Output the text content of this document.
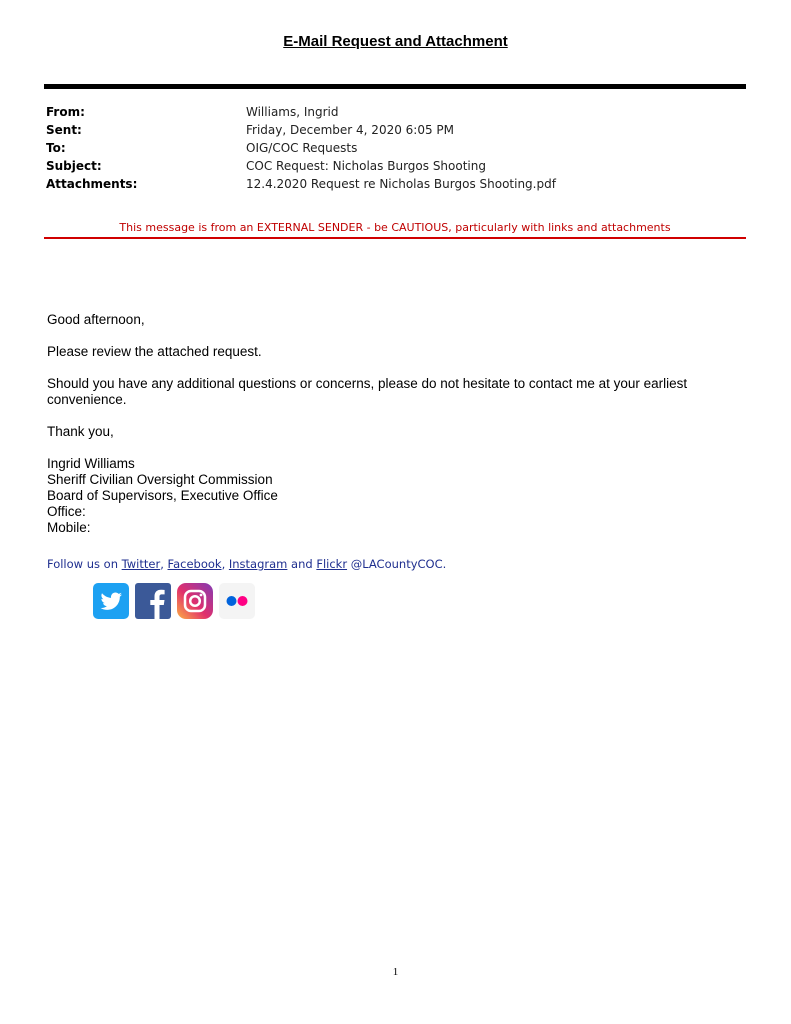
E-Mail Request and Attachment
From:	Williams, Ingrid
Sent:	Friday, December 4, 2020 6:05 PM
To:	OIG/COC Requests
Subject:	COC Request: Nicholas Burgos Shooting
Attachments:	12.4.2020 Request re Nicholas Burgos Shooting.pdf
This message is from an EXTERNAL SENDER - be CAUTIOUS, particularly with links and attachments

Good afternoon,

Please review the attached request.

Should you have any additional questions or concerns, please do not hesitate to contact me at your earliest convenience.

Thank you,

Ingrid Williams

Sheriff Civilian Oversight Commission

Board of Supervisors, Executive Office

Office:

Mobile:

Follow us on Twitter, Facebook, Instagram and Flickr @LACountyCOC.
1
